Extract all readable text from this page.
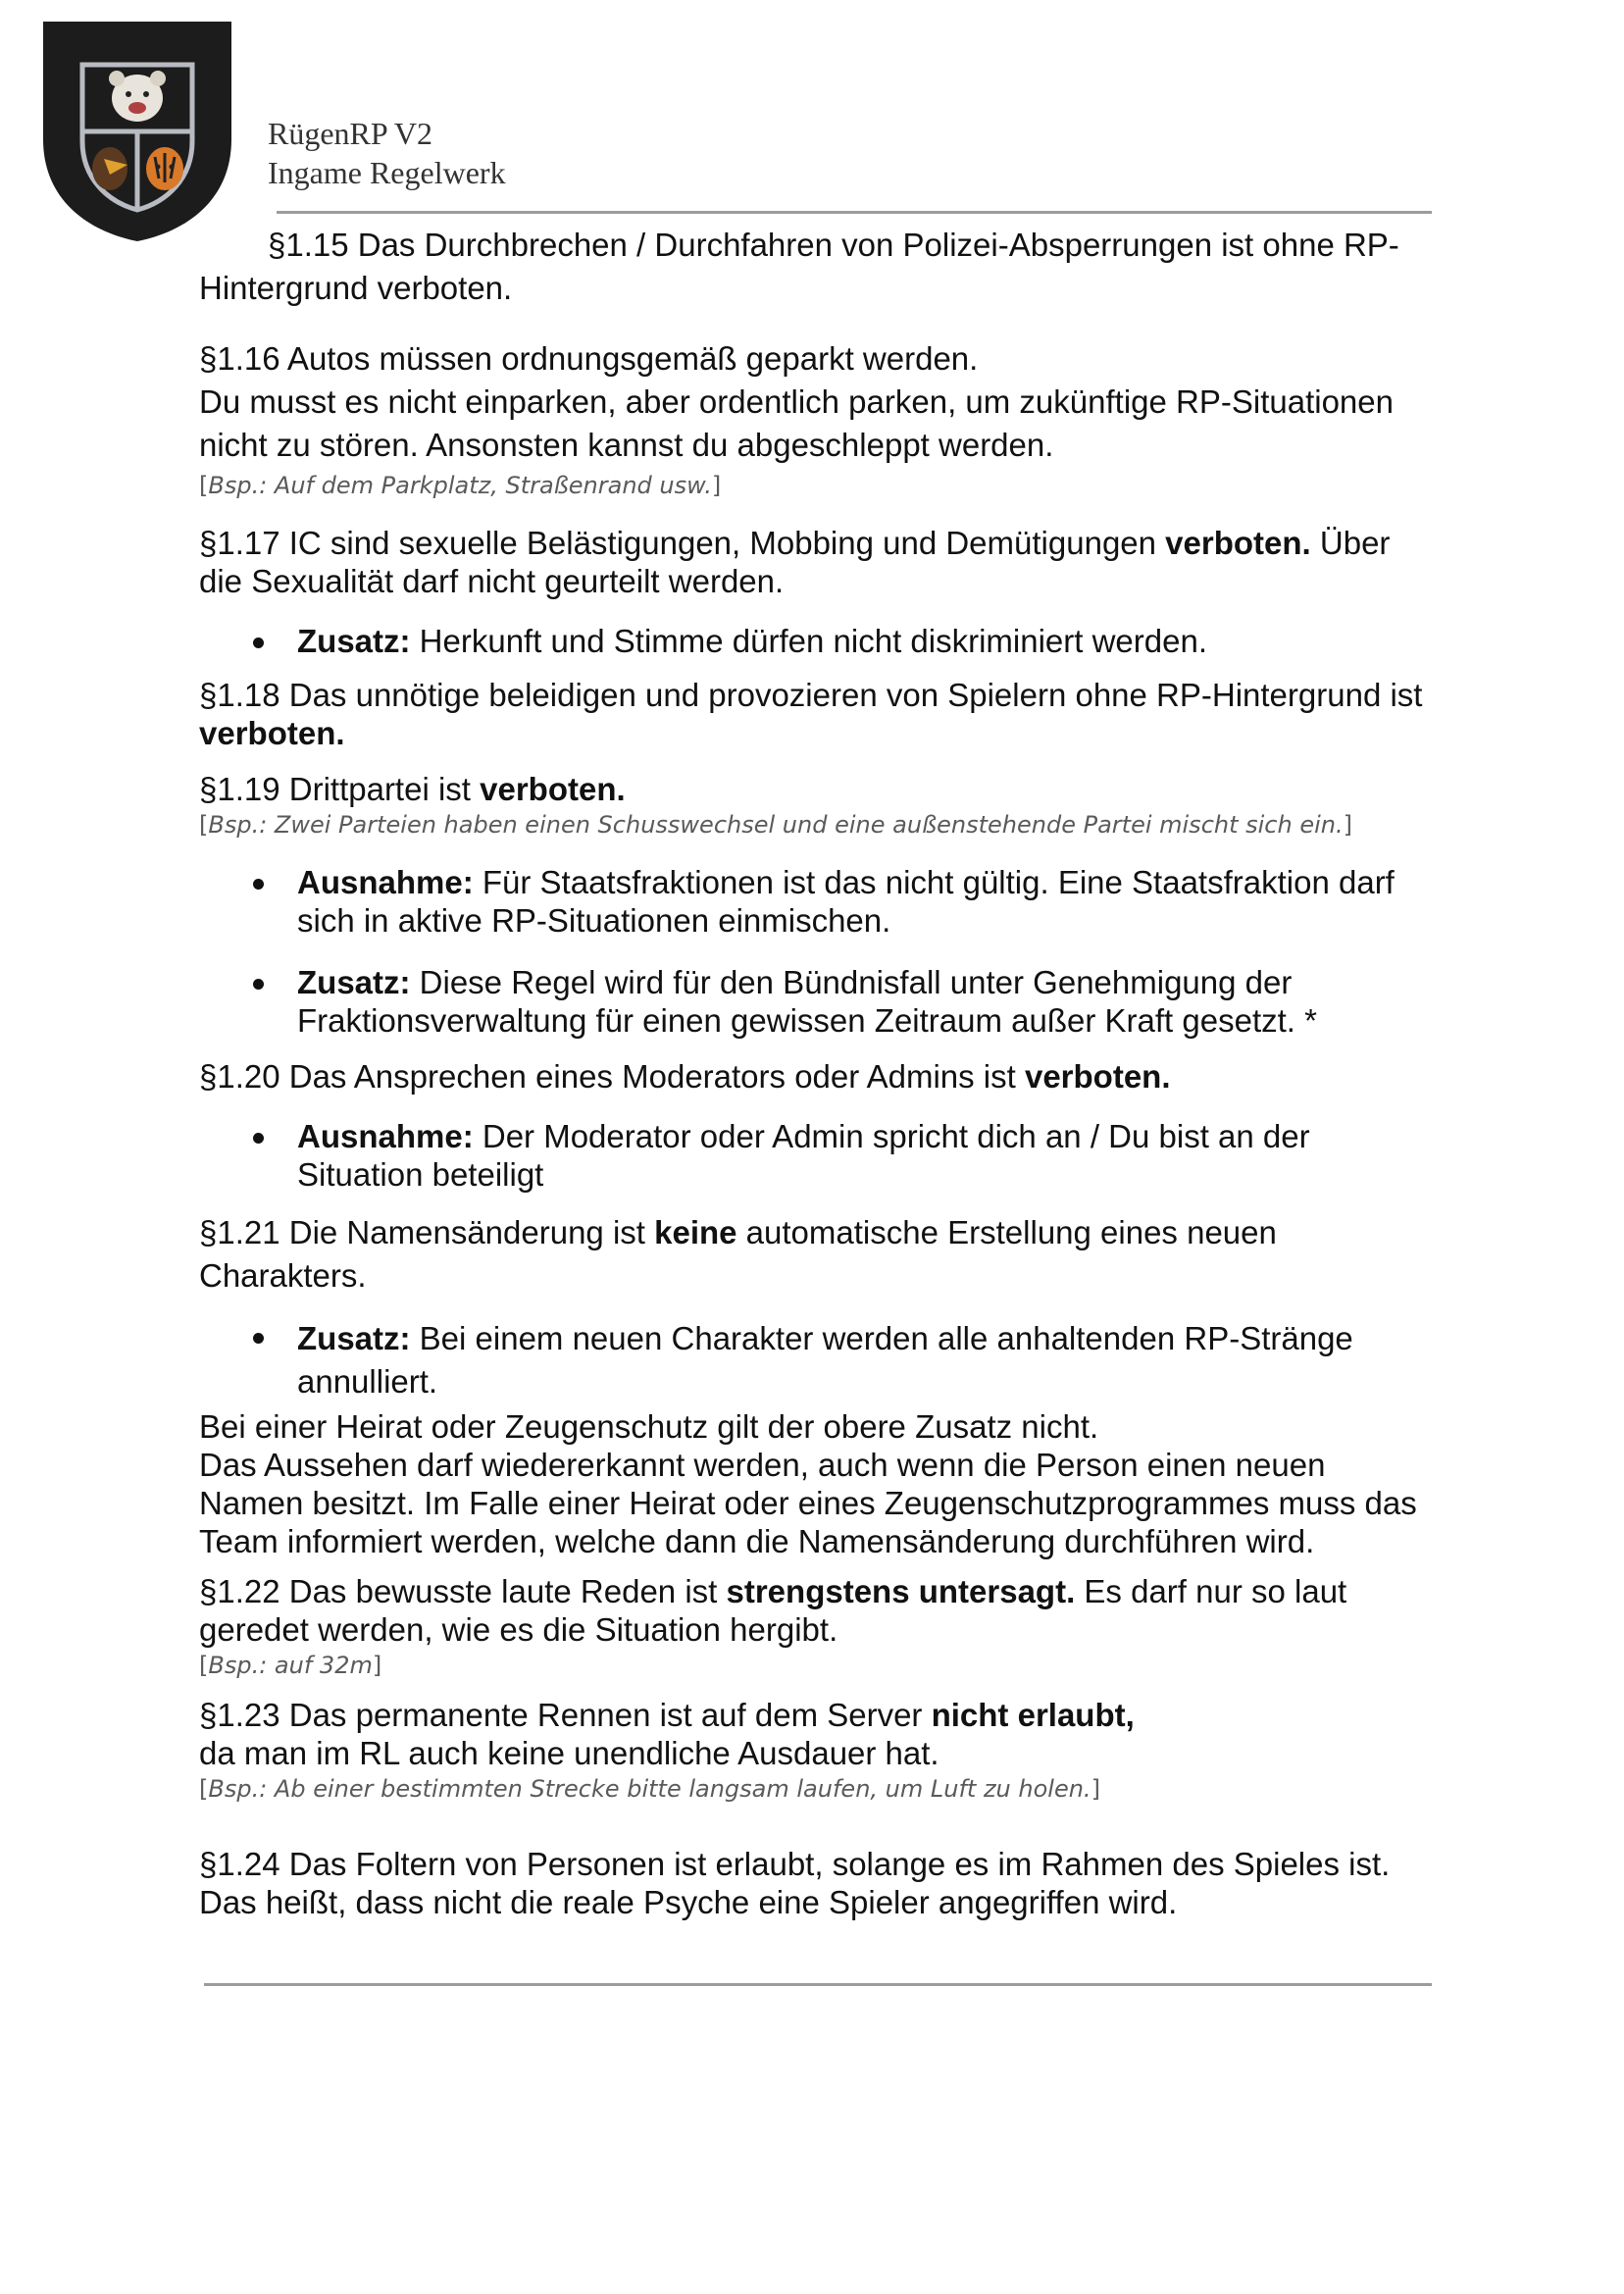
RügenRP V2
Ingame Regelwerk

§1.15 Das Durchbrechen / Durchfahren von Polizei-Absperrungen ist ohne RP-Hintergrund verboten.

§1.16 Autos müssen ordnungsgemäß geparkt werden.

Du musst es nicht einparken, aber ordentlich parken, um zukünftige RP-Situationen nicht zu stören. Ansonsten kannst du abgeschleppt werden.

[Bsp.: Auf dem Parkplatz, Straßenrand usw.]

§1.17 IC sind sexuelle Belästigungen, Mobbing und Demütigungen verboten. Über die Sexualität darf nicht geurteilt werden.

Zusatz: Herkunft und Stimme dürfen nicht diskriminiert werden.

§1.18 Das unnötige beleidigen und provozieren von Spielern ohne RP-Hintergrund ist verboten.

§1.19 Drittpartei ist verboten.

[Bsp.: Zwei Parteien haben einen Schusswechsel und eine außenstehende Partei mischt sich ein.]

Ausnahme: Für Staatsfraktionen ist das nicht gültig. Eine Staatsfraktion darf sich in aktive RP-Situationen einmischen.
Zusatz: Diese Regel wird für den Bündnisfall unter Genehmigung der Fraktionsverwaltung für einen gewissen Zeitraum außer Kraft gesetzt. *

§1.20 Das Ansprechen eines Moderators oder Admins ist verboten.

Ausnahme: Der Moderator oder Admin spricht dich an / Du bist an der Situation beteiligt

§1.21 Die Namensänderung ist keine automatische Erstellung eines neuen Charakters.

Zusatz: Bei einem neuen Charakter werden alle anhaltenden RP-Stränge annulliert.

Bei einer Heirat oder Zeugenschutz gilt der obere Zusatz nicht.

Das Aussehen darf wiedererkannt werden, auch wenn die Person einen neuen Namen besitzt. Im Falle einer Heirat oder eines Zeugenschutzprogrammes muss das Team informiert werden, welche dann die Namensänderung durchführen wird.

§1.22 Das bewusste laute Reden ist strengstens untersagt. Es darf nur so laut geredet werden, wie es die Situation hergibt.

[Bsp.: auf 32m]

§1.23 Das permanente Rennen ist auf dem Server nicht erlaubt,

da man im RL auch keine unendliche Ausdauer hat.

[Bsp.: Ab einer bestimmten Strecke bitte langsam laufen, um Luft zu holen.]

§1.24 Das Foltern von Personen ist erlaubt, solange es im Rahmen des Spieles ist.

Das heißt, dass nicht die reale Psyche eine Spieler angegriffen wird.
